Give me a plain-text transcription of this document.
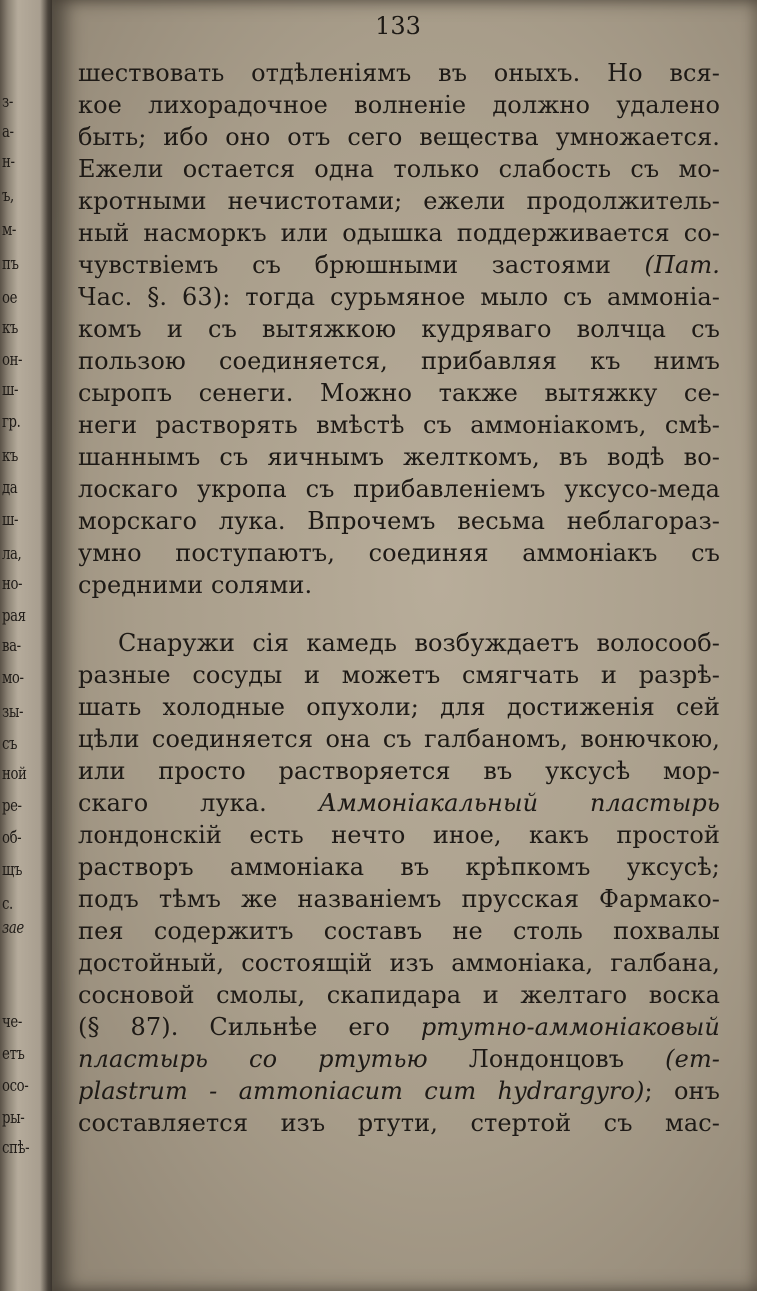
з-
а-
н-
ъ,
м-
пъ
ое
къ
он-
ш-
гр.
къ
да
ш-
ла,
но-
рая
ва-
мо-
зы-
съ
ной
ре-
об-
щъ
с.
зае
че-
етъ
осо-
ры-
спѣ-
133
шествовать отдѣленіямъ въ оныхъ. Но вся-
кое лихорадочное волненіе должно удалено
быть; ибо оно отъ сего вещества умножается.
Ежели остается одна только слабость съ мо-
кротными нечистотами; ежели продолжитель-
ный насморкъ или одышка поддерживается со-
чувствіемъ съ брюшными застоями (Пат.
Час. §. 63): тогда сурьмяное мыло съ аммоніа-
комъ и съ вытяжкою кудряваго волчца съ
пользою соединяется, прибавляя къ нимъ
сыропъ сенеги. Можно также вытяжку се-
неги растворять вмѣстѣ съ аммоніакомъ, смѣ-
шаннымъ съ яичнымъ желткомъ, въ водѣ во-
лоскаго укропа съ прибавленіемъ уксусо-меда
морскаго лука. Впрочемъ весьма неблагораз-
умно поступаютъ, соединяя аммоніакъ съ
средними солями.
Снаружи сія камедь возбуждаетъ волосооб-
разные сосуды и можетъ смягчать и разрѣ-
шать холодные опухоли; для достиженія сей
цѣли соединяется она съ галбаномъ, вонючкою,
или просто растворяется въ уксусѣ мор-
скаго лука. Аммоніакальный пластырь
лондонскій есть нечто иное, какъ простой
растворъ аммоніака въ крѣпкомъ уксусѣ;
подъ тѣмъ же названіемъ прусская Фармако-
пея содержитъ составъ не столь похвалы
достойный, состоящій изъ аммоніака, галбана,
сосновой смолы, скапидара и желтаго воска
(§ 87). Сильнѣе его ртутно-аммоніаковый
пластырь со ртутью Лондонцовъ (em-
plastrum - ammoniacum cum hydrargyro); онъ
составляется изъ ртути, стертой съ мас-
